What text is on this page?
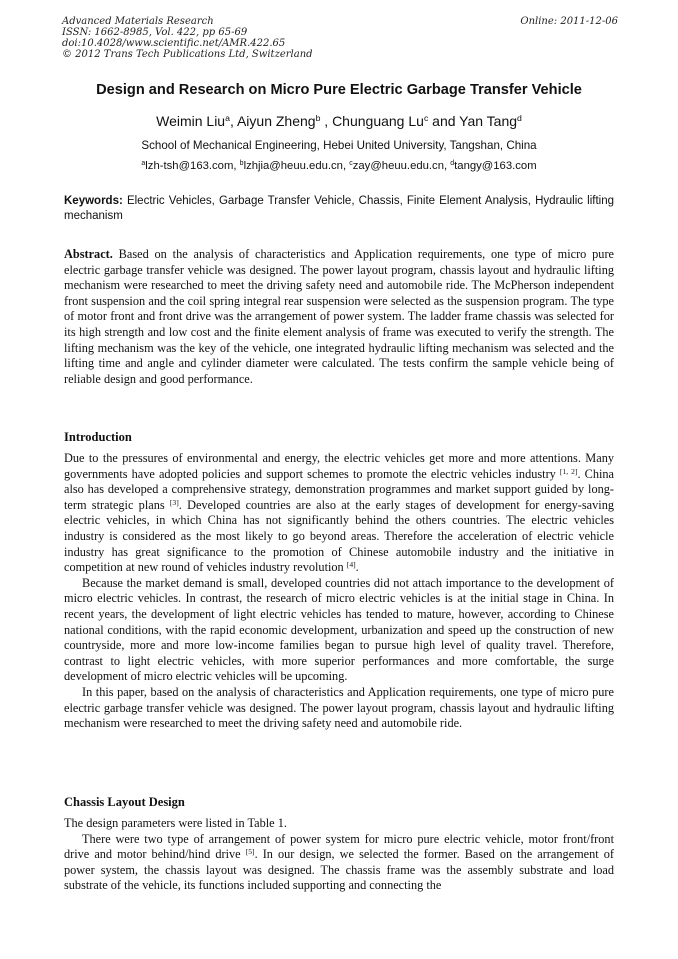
Advanced Materials Research
ISSN: 1662-8985, Vol. 422, pp 65-69
doi:10.4028/www.scientific.net/AMR.422.65
© 2012 Trans Tech Publications Ltd, Switzerland
Online: 2011-12-06
Design and Research on Micro Pure Electric Garbage Transfer Vehicle
Weimin Liu$^a$, Aiyun Zheng$^b$ , Chunguang Lu$^c$ and Yan Tang$^d$
School of Mechanical Engineering, Hebei United University, Tangshan, China
$^a$lzh-tsh@163.com, $^b$lzhjia@heuu.edu.cn, $^c$zay@heuu.edu.cn, $^d$tangy@163.com
Keywords: Electric Vehicles, Garbage Transfer Vehicle, Chassis, Finite Element Analysis, Hydraulic lifting mechanism

Abstract. Based on the analysis of characteristics and Application requirements, one type of micro pure electric garbage transfer vehicle was designed. The power layout program, chassis layout and hydraulic lifting mechanism were researched to meet the driving safety need and automobile ride. The McPherson independent front suspension and the coil spring integral rear suspension were selected as the suspension program. The type of motor front and front drive was the arrangement of power system. The ladder frame chassis was selected for its high strength and low cost and the finite element analysis of frame was executed to verify the strength. The lifting mechanism was the key of the vehicle, one integrated hydraulic lifting mechanism was selected and the lifting time and angle and cylinder diameter were calculated. The tests confirm the sample vehicle being of reliable design and good performance.

Introduction

Due to the pressures of environmental and energy, the electric vehicles get more and more attentions. Many governments have adopted policies and support schemes to promote the electric vehicles industry [1, 2]. China also has developed a comprehensive strategy, demonstration programmes and market support guided by long-term strategic plans [3]. Developed countries are also at the early stages of development for energy-saving electric vehicles, in which China has not significantly behind the others countries. The electric vehicles industry is considered as the most likely to go beyond areas. Therefore the acceleration of electric vehicle industry has great significance to the promotion of Chinese automobile industry and the initiative in competition at new round of vehicles industry revolution [4].

Because the market demand is small, developed countries did not attach importance to the development of micro electric vehicles. In contrast, the research of micro electric vehicles is at the initial stage in China. In recent years, the development of light electric vehicles has tended to mature, however, according to Chinese national conditions, with the rapid economic development, urbanization and speed up the construction of new countryside, more and more low-income families began to pursue high level of quality travel. Therefore, contrast to light electric vehicles, with more superior performances and more comfortable, the surge development of micro electric vehicles will be upcoming.

In this paper, based on the analysis of characteristics and Application requirements, one type of micro pure electric garbage transfer vehicle was designed. The power layout program, chassis layout and hydraulic lifting mechanism were researched to meet the driving safety need and automobile ride.

Chassis Layout Design

The design parameters were listed in Table 1.

There were two type of arrangement of power system for micro pure electric vehicle, motor front/front drive and motor behind/hind drive [5]. In our design, we selected the former. Based on the arrangement of power system, the chassis layout was designed. The chassis frame was the assembly substrate and load substrate of the vehicle, its functions included supporting and connecting the
